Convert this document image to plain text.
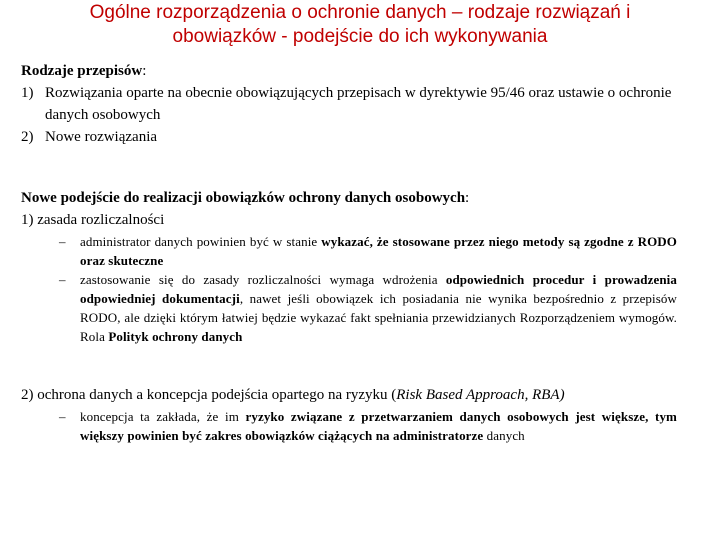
Ogólne rozporządzenia o ochronie danych – rodzaje rozwiązań i
obowiązków - podejście do ich wykonywania
Rodzaje przepisów:
1) Rozwiązania oparte na obecnie obowiązujących przepisach w dyrektywie 95/46 oraz ustawie o ochronie danych osobowych
2) Nowe rozwiązania
Nowe podejście do realizacji obowiązków ochrony danych osobowych:
1) zasada rozliczalności
–	administrator danych powinien być w stanie wykazać, że stosowane przez niego metody są zgodne z RODO oraz skuteczne
–	zastosowanie się do zasady rozliczalności wymaga wdrożenia odpowiednich procedur i prowadzenia odpowiedniej dokumentacji, nawet jeśli obowiązek ich posiadania nie wynika bezpośrednio z przepisów RODO, ale dzięki którym łatwiej będzie wykazać fakt spełniania przewidzianych Rozporządzeniem wymogów. Rola Polityk ochrony danych
2) ochrona danych a koncepcja podejścia opartego na ryzyku (Risk Based Approach, RBA)
–	koncepcja ta zakłada, że im ryzyko związane z przetwarzaniem danych osobowych jest większe, tym większy powinien być zakres obowiązków ciążących na administratorze danych
